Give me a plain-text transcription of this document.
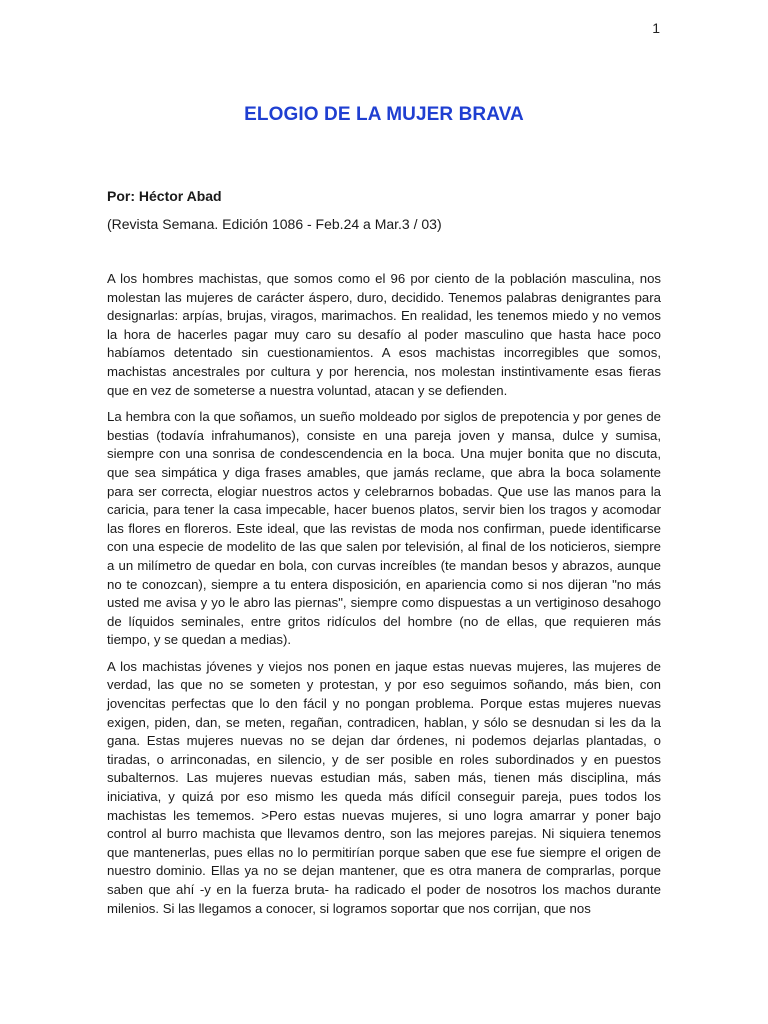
1
ELOGIO DE LA MUJER BRAVA
Por: Héctor Abad
(Revista Semana. Edición 1086 - Feb.24 a Mar.3 / 03)

A los hombres machistas, que somos como el 96 por ciento de la población masculina, nos molestan las mujeres de carácter áspero, duro, decidido. Tenemos palabras denigrantes para designarlas: arpías, brujas, viragos, marimachos. En realidad, les tenemos miedo y no vemos la hora de hacerles pagar muy caro su desafío al poder masculino que hasta hace poco habíamos detentado sin cuestionamientos. A esos machistas incorregibles que somos, machistas ancestrales por cultura y por herencia, nos molestan instintivamente esas fieras que en vez de someterse a nuestra voluntad, atacan y se defienden.

La hembra con la que soñamos, un sueño moldeado por siglos de prepotencia y por genes de bestias (todavía infrahumanos), consiste en una pareja joven y mansa, dulce y sumisa, siempre con una sonrisa de condescendencia en la boca. Una mujer bonita que no discuta, que sea simpática y diga frases amables, que jamás reclame, que abra la boca solamente para ser correcta, elogiar nuestros actos y celebrarnos bobadas. Que use las manos para la caricia, para tener la casa impecable, hacer buenos platos, servir bien los tragos y acomodar las flores en floreros. Este ideal, que las revistas de moda nos confirman, puede identificarse con una especie de modelito de las que salen por televisión, al final de los noticieros, siempre a un milímetro de quedar en bola, con curvas increíbles (te mandan besos y abrazos, aunque no te conozcan), siempre a tu entera disposición, en apariencia como si nos dijeran "no más usted me avisa y yo le abro las piernas", siempre como dispuestas a un vertiginoso desahogo de líquidos seminales, entre gritos ridículos del hombre (no de ellas, que requieren más tiempo, y se quedan a medias).

A los machistas jóvenes y viejos nos ponen en jaque estas nuevas mujeres, las mujeres de verdad, las que no se someten y protestan, y por eso seguimos soñando, más bien, con jovencitas perfectas que lo den fácil y no pongan problema. Porque estas mujeres nuevas exigen, piden, dan, se meten, regañan, contradicen, hablan, y sólo se desnudan si les da la gana. Estas mujeres nuevas no se dejan dar órdenes, ni podemos dejarlas plantadas, o tiradas, o arrinconadas, en silencio, y de ser posible en roles subordinados y en puestos subalternos. Las mujeres nuevas estudian más, saben más, tienen más disciplina, más iniciativa, y quizá por eso mismo les queda más difícil conseguir pareja, pues todos los machistas les tememos. >Pero estas nuevas mujeres, si uno logra amarrar y poner bajo control al burro machista que llevamos dentro, son las mejores parejas. Ni siquiera tenemos que mantenerlas, pues ellas no lo permitirían porque saben que ese fue siempre el origen de nuestro dominio. Ellas ya no se dejan mantener, que es otra manera de comprarlas, porque saben que ahí -y en la fuerza bruta- ha radicado el poder de nosotros los machos durante milenios. Si las llegamos a conocer, si logramos soportar que nos corrijan, que nos
